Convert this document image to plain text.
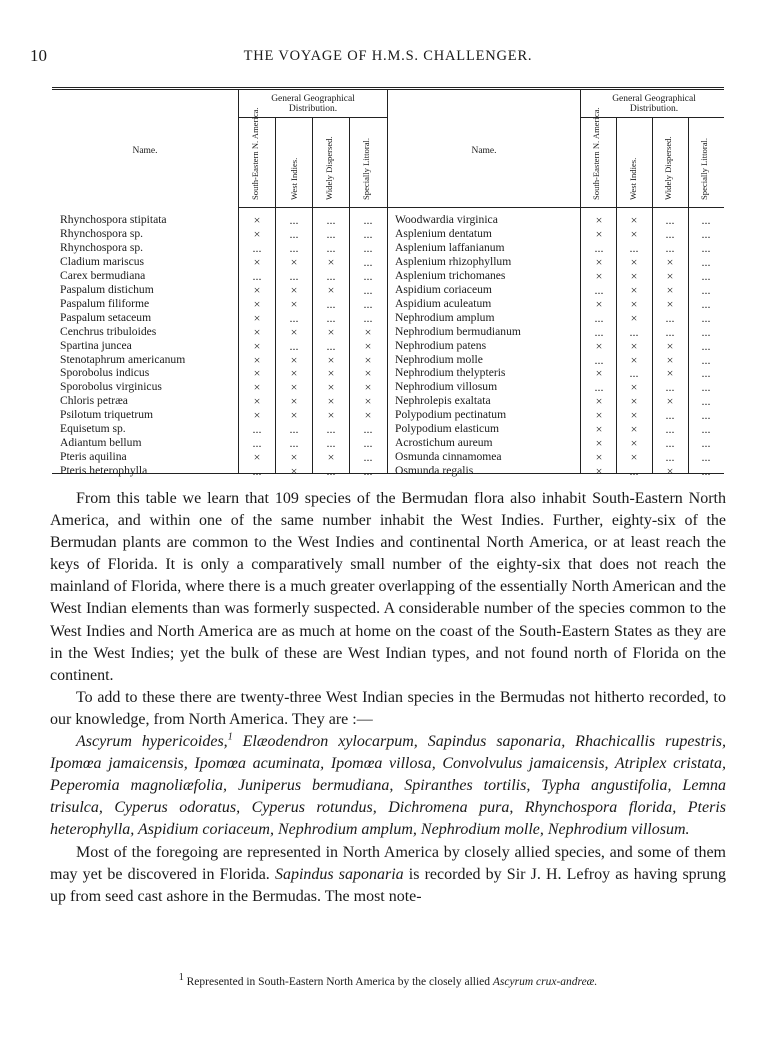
10	THE VOYAGE OF H.M.S. CHALLENGER.
General Geographical Distribution.
General Geographical Distribution.
Name.	Name.
South-Eastern N. America.	West Indies.	Widely Dispersed.	Specially Littoral.	South-Eastern N. America.	West Indies.	Widely Dispersed.	Specially Littoral.
Rhynchospora stipitata	×	...	...	...
Rhynchospora sp.	×	...	...	...
Rhynchospora sp.	...	...	...	...
Cladium mariscus	×	×	×	...
Carex bermudiana	...	...	...	...
Paspalum distichum	×	×	×	...
Paspalum filiforme	×	×	...	...
Paspalum setaceum	×	...	...	...
Cenchrus tribuloides	×	×	×	×
Spartina juncea	×	...	...	×
Stenotaphrum americanum	×	×	×	×
Sporobolus indicus	×	×	×	×
Sporobolus virginicus	×	×	×	×
Chloris petræa	×	×	×	×
Psilotum triquetrum	×	×	×	×
Equisetum sp.	...	...	...	...
Adiantum bellum	...	...	...	...
Pteris aquilina	×	×	×	...
Pteris heterophylla	...	×	...	...
Woodwardia virginica	×	×	...	...
Asplenium dentatum	×	×	...	...
Asplenium laffanianum	...	...	...	...
Asplenium rhizophyllum	×	×	×	...
Asplenium trichomanes	×	×	×	...
Aspidium coriaceum	...	×	×	...
Aspidium aculeatum	×	×	×	...
Nephrodium amplum	...	×	...	...
Nephrodium bermudianum	...	...	...	...
Nephrodium patens	×	×	×	...
Nephrodium molle	...	×	×	...
Nephrodium thelypteris	×	...	×	...
Nephrodium villosum	...	×	...	...
Nephrolepis exaltata	×	×	×	...
Polypodium pectinatum	×	×	...	...
Polypodium elasticum	×	×	...	...
Acrostichum aureum	×	×	...	...
Osmunda cinnamomea	×	×	...	...
Osmunda regalis	×	...	×	...

From this table we learn that 109 species of the Bermudan flora also inhabit South-Eastern North America, and within one of the same number inhabit the West Indies. Further, eighty-six of the Bermudan plants are common to the West Indies and continental North America, or at least reach the keys of Florida. It is only a comparatively small number of the eighty-six that does not reach the mainland of Florida, where there is a much greater overlapping of the essentially North American and the West Indian elements than was formerly suspected. A considerable number of the species common to the West Indies and North America are as much at home on the coast of the South-Eastern States as they are in the West Indies; yet the bulk of these are West Indian types, and not found north of Florida on the continent.

To add to these there are twenty-three West Indian species in the Bermudas not hitherto recorded, to our knowledge, from North America. They are :—

Ascyrum hypericoides,$^1$ Elæodendron xylocarpum, Sapindus saponaria, Rhachicallis rupestris, Ipomœa jamaicensis, Ipomœa acuminata, Ipomœa villosa, Convolvulus jamaicensis, Atriplex cristata, Peperomia magnoliæfolia, Juniperus bermudiana, Spiranthes tortilis, Typha angustifolia, Lemna trisulca, Cyperus odoratus, Cyperus rotundus, Dichromena pura, Rhynchospora florida, Pteris heterophylla, Aspidium coriaceum, Nephrodium amplum, Nephrodium molle, Nephrodium villosum.

Most of the foregoing are represented in North America by closely allied species, and some of them may yet be discovered in Florida. Sapindus saponaria is recorded by Sir J. H. Lefroy as having sprung up from seed cast ashore in the Bermudas. The most note-

$^1$ Represented in South-Eastern North America by the closely allied Ascyrum crux-andreæ.
